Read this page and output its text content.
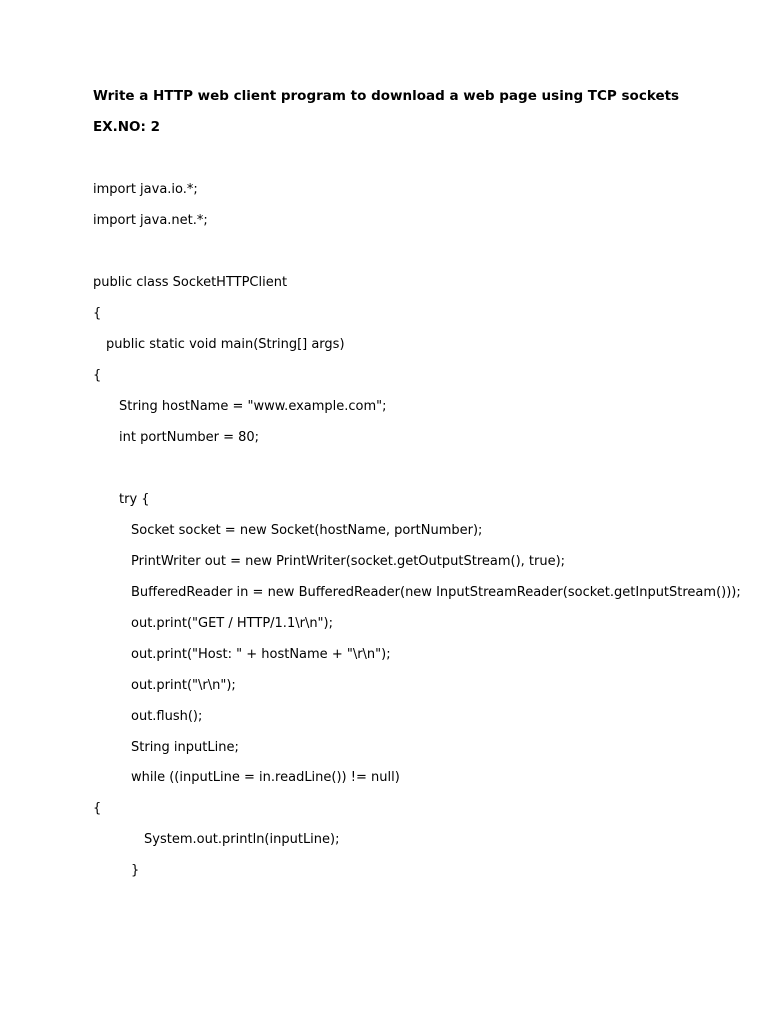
Write a HTTP web client program to download a web page using TCP sockets
EX.NO: 2
import java.io.*;
import java.net.*;
public class SocketHTTPClient
{
public static void main(String[] args)
{
String hostName = "www.example.com";
int portNumber = 80;
try {
Socket socket = new Socket(hostName, portNumber);
PrintWriter out = new PrintWriter(socket.getOutputStream(), true);
BufferedReader in = new BufferedReader(new InputStreamReader(socket.getInputStream()));
out.print("GET / HTTP/1.1\r\n");
out.print("Host: " + hostName + "\r\n");
out.print("\r\n");
out.flush();
String inputLine;
while ((inputLine = in.readLine()) != null)
{
System.out.println(inputLine);
}
